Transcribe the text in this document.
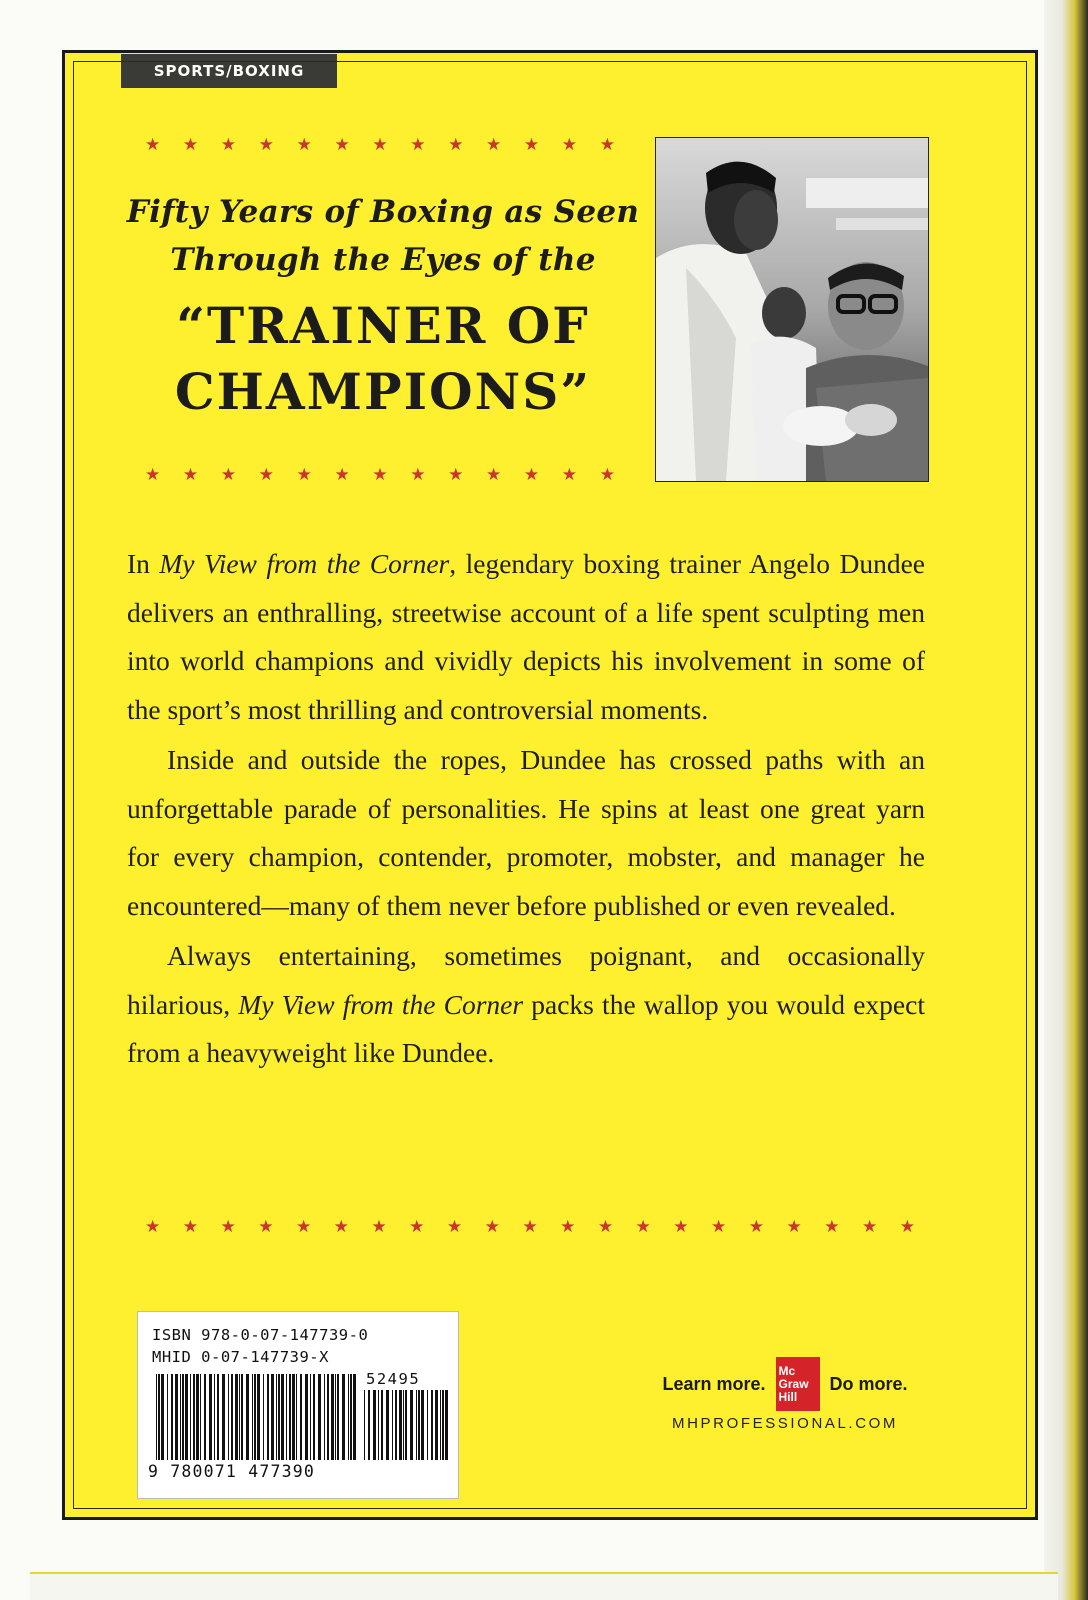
SPORTS/BOXING
★ ★ ★ ★ ★ ★ ★ ★ ★ ★ ★ ★ ★
Fifty Years of Boxing as Seen
Through the Eyes of the
“TRAINER OF
CHAMPIONS”
★ ★ ★ ★ ★ ★ ★ ★ ★ ★ ★ ★ ★

In My View from the Corner, legendary boxing trainer Angelo Dundee delivers an enthralling, streetwise account of a life spent sculpting men into world champions and vividly depicts his involvement in some of the sport’s most thrilling and controversial moments.

Inside and outside the ropes, Dundee has crossed paths with an unforgettable parade of personalities. He spins at least one great yarn for every champion, contender, promoter, mobster, and manager he encountered—many of them never before published or even revealed.

Always entertaining, sometimes poignant, and occasionally hilarious, My View from the Corner packs the wallop you would expect from a heavyweight like Dundee.

★ ★ ★ ★ ★ ★ ★ ★ ★ ★ ★ ★ ★ ★ ★ ★ ★ ★ ★ ★ ★
ISBN 978-0-07-147739-0
MHID 0-07-147739-X
52495
9 780071 477390
Learn more.
Mc
Graw
Hill
Do more.
MHPROFESSIONAL.COM
